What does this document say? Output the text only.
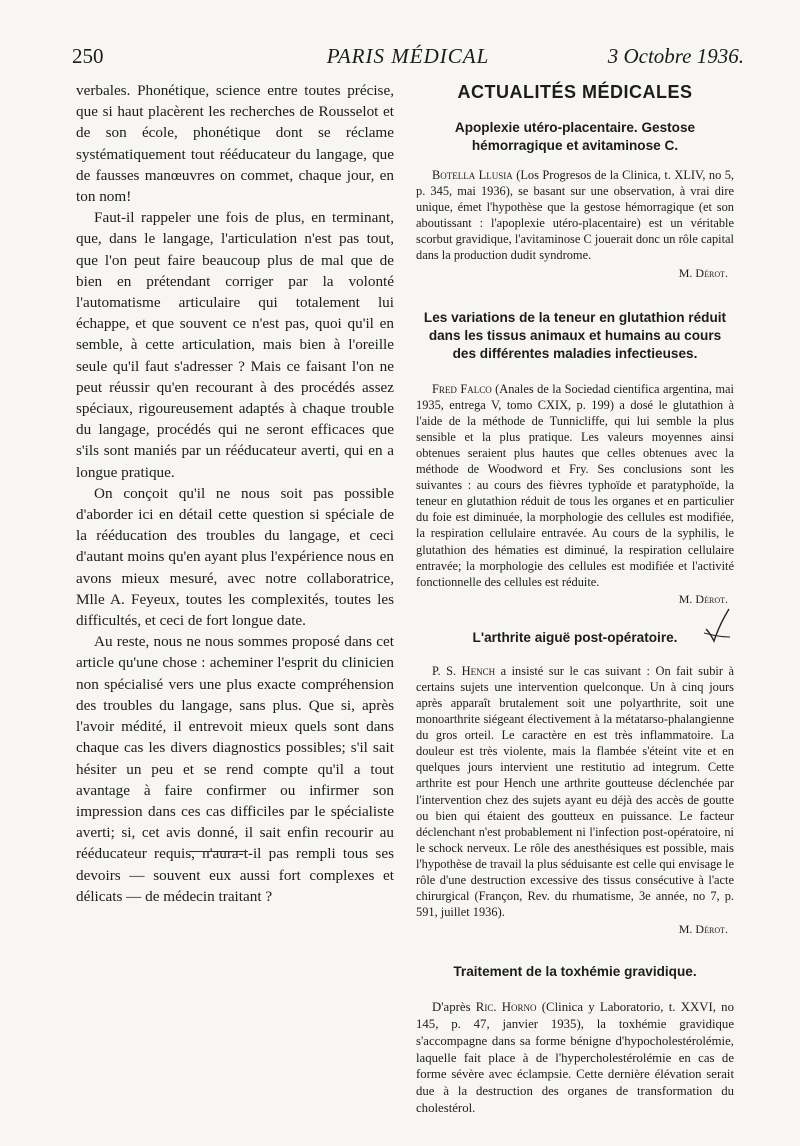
250	PARIS MÉDICAL	3 Octobre 1936.

verbales. Phonétique, science entre toutes précise, que si haut placèrent les recherches de Rousselot et de son école, phonétique dont se réclame systématiquement tout rééducateur du langage, que de fausses manœuvres on commet, chaque jour, en ton nom!

Faut-il rappeler une fois de plus, en terminant, que, dans le langage, l'articulation n'est pas tout, que l'on peut faire beaucoup plus de mal que de bien en prétendant corriger par la volonté l'automatisme articulaire qui totalement lui échappe, et que souvent ce n'est pas, quoi qu'il en semble, à cette articulation, mais bien à l'oreille seule qu'il faut s'adresser ? Mais ce faisant l'on ne peut réussir qu'en recourant à des procédés assez spéciaux, rigoureusement adaptés à chaque trouble du langage, procédés qui ne seront efficaces que s'ils sont maniés par un rééducateur averti, qui en a longue pratique.

On conçoit qu'il ne nous soit pas possible d'aborder ici en détail cette question si spéciale de la rééducation des troubles du langage, et ceci d'autant moins qu'en ayant plus l'expérience nous en avons mieux mesuré, avec notre collaboratrice, Mlle A. Feyeux, toutes les complexités, toutes les difficultés, et ceci de fort longue date.

Au reste, nous ne nous sommes proposé dans cet article qu'une chose : acheminer l'esprit du clinicien non spécialisé vers une plus exacte compréhension des troubles du langage, sans plus. Que si, après l'avoir médité, il entrevoit mieux quels sont dans chaque cas les divers diagnostics possibles; s'il sait hésiter un peu et se rend compte qu'il a tout avantage à faire confirmer ou infirmer son impression dans ces cas difficiles par le spécialiste averti; si, cet avis donné, il sait enfin recourir au rééducateur requis, n'aura-t-il pas rempli tous ses devoirs — souvent eux aussi fort complexes et délicats — de médecin traitant ?

ACTUALITÉS MÉDICALES
Apoplexie utéro-placentaire. Gestose hémorragique et avitaminose C.

Botella Llusia (Los Progresos de la Clinica, t. XLIV, no 5, p. 345, mai 1936), se basant sur une observation, à vrai dire unique, émet l'hypothèse que la gestose hémorragique (et son aboutissant : l'apoplexie utéro-placentaire) est un véritable scorbut gravidique, l'avitaminose C jouerait donc un rôle capital dans la production dudit syndrome.

M. Dérot.
Les variations de la teneur en glutathion réduit dans les tissus animaux et humains au cours des différentes maladies infectieuses.

Fred Falco (Anales de la Sociedad cientifica argentina, mai 1935, entrega V, tomo CXIX, p. 199) a dosé le glutathion à l'aide de la méthode de Tunnicliffe, qui lui semble la plus sensible et la plus pratique. Les valeurs moyennes ainsi obtenues seraient plus hautes que celles obtenues avec la méthode de Woodword et Fry. Ses conclusions sont les suivantes : au cours des fièvres typhoïde et paratyphoïde, la teneur en glutathion réduit de tous les organes et en particulier du foie est diminuée, la morphologie des cellules est modifiée, la respiration cellulaire entravée. Au cours de la syphilis, le glutathion des hématies est diminué, la respiration cellulaire entravée; la morphologie des cellules est modifiée et l'activité fonctionnelle des cellules est réduite.

M. Dérot.
L'arthrite aiguë post-opératoire.

P. S. Hench a insisté sur le cas suivant : On fait subir à certains sujets une intervention quelconque. Un à cinq jours après apparaît brutalement soit une polyarthrite, soit une monoarthrite siégeant électivement à la métatarso-phalangienne du gros orteil. Le caractère en est très inflammatoire. La douleur est très violente, mais la flambée s'éteint vite et en quelques jours intervient une restitutio ad integrum. Cette arthrite est pour Hench une arthrite goutteuse déclenchée par l'intervention chez des sujets ayant eu déjà des accès de goutte ou bien qui étaient des goutteux en puissance. Le facteur déclenchant n'est probablement ni l'infection post-opératoire, ni le schock nerveux. Le rôle des anesthésiques est possible, mais l'hypothèse de travail la plus séduisante est celle qui envisage le rôle d'une destruction excessive des tissus consécutive à l'acte chirurgical (Françon, Rev. du rhumatisme, 3e année, no 7, p. 591, juillet 1936).

M. Dérot.
Traitement de la toxhémie gravidique.

D'après Ric. Horno (Clinica y Laboratorio, t. XXVI, no 145, p. 47, janvier 1935), la toxhémie gravidique s'accompagne dans sa forme bénigne d'hypocholestérolémie, laquelle fait place à de l'hypercholestérolémie en cas de forme sévère avec éclampsie. Cette dernière élévation serait due à la destruction des organes de transformation du cholestérol.
